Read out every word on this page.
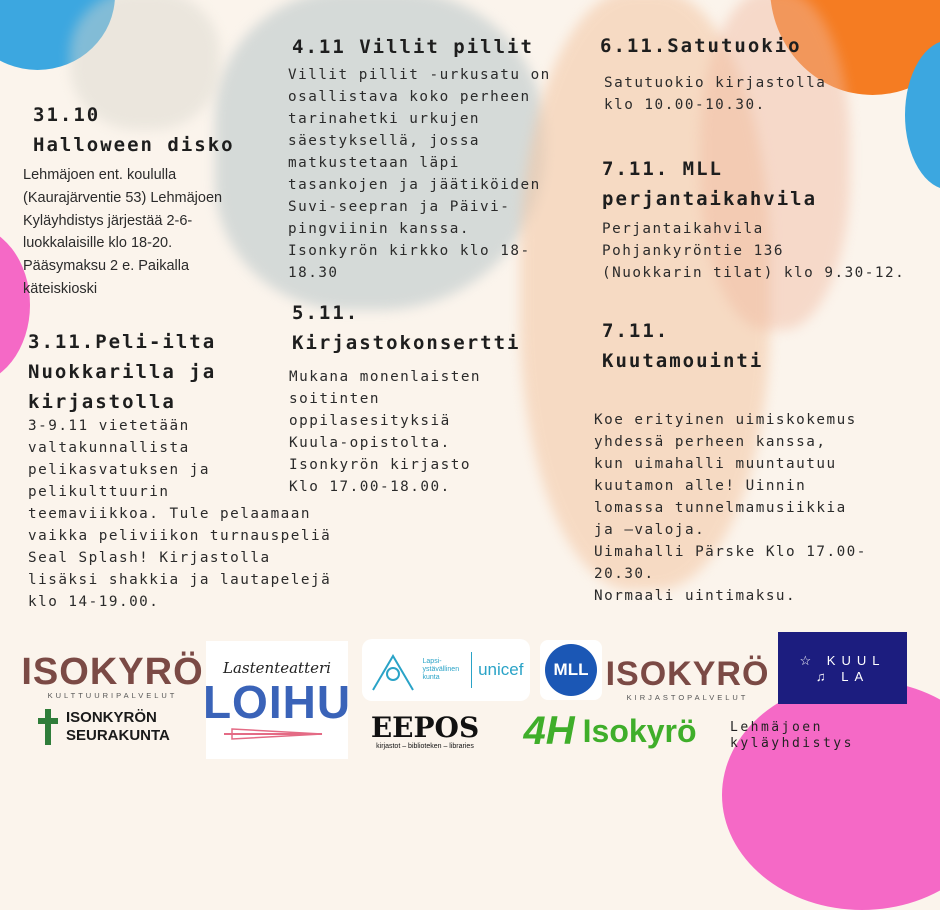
31.10
Halloween disko
Lehmäjoen ent. koululla
(Kaurajärventie 53) Lehmäjoen
Kyläyhdistys järjestää 2-6-
luokkalaisille klo 18-20.
Pääsymaksu 2 e. Paikalla
käteiskioski
3.11.Peli-ilta
Nuokkarilla ja
kirjastolla
3-9.11 vietetään
valtakunnallista
pelikasvatuksen ja
pelikulttuurin
teemaviikkoa. Tule pelaamaan
vaikka peliviikon turnauspeliä
Seal Splash! Kirjastolla
lisäksi shakkia ja lautapelejä
klo 14-19.00.
4.11 Villit pillit
Villit pillit -urkusatu on
osallistava koko perheen
tarinahetki urkujen
säestyksellä, jossa
matkustetaan läpi
tasankojen ja jäätiköiden
Suvi-seepran ja Päivi-
pingviinin kanssa.
Isonkyrön kirkko klo 18-
18.30
5.11.
Kirjastokonsertti
Mukana monenlaisten
soitinten
oppilasesityksiä
Kuula-opistolta.
Isonkyrön kirjasto
Klo 17.00-18.00.
6.11.Satutuokio
Satutuokio kirjastolla
klo 10.00-10.30.
7.11. MLL
perjantaikahvila
Perjantaikahvila
Pohjankyröntie 136
(Nuokkarin tilat) klo 9.30-12.
7.11.
Kuutamouinti

Koe erityinen uimiskokemus
yhdessä perheen kanssa,
kun uimahalli muuntautuu
kuutamon alle! Uinnin
lomassa tunnelmamusiikkia
ja –valoja.
Uimahalli Pärske Klo 17.00-
20.30.
Normaali uintimaksu.

ISOKYRÖ
KULTTUURIPALVELUT
ISONKYRÖN
SEURAKUNTA
Lastenteatteri
LOIHU
Lapsi-
ystävällinen
kunta	unicef
EEPOS
kirjastot – biblioteken – libraries
MLL
4H Isokyrö
ISOKYRÖ
KIRJASTOPALVELUT
☆ KUUL
♫ LA
Lehmäjoen
kyläyhdistys
